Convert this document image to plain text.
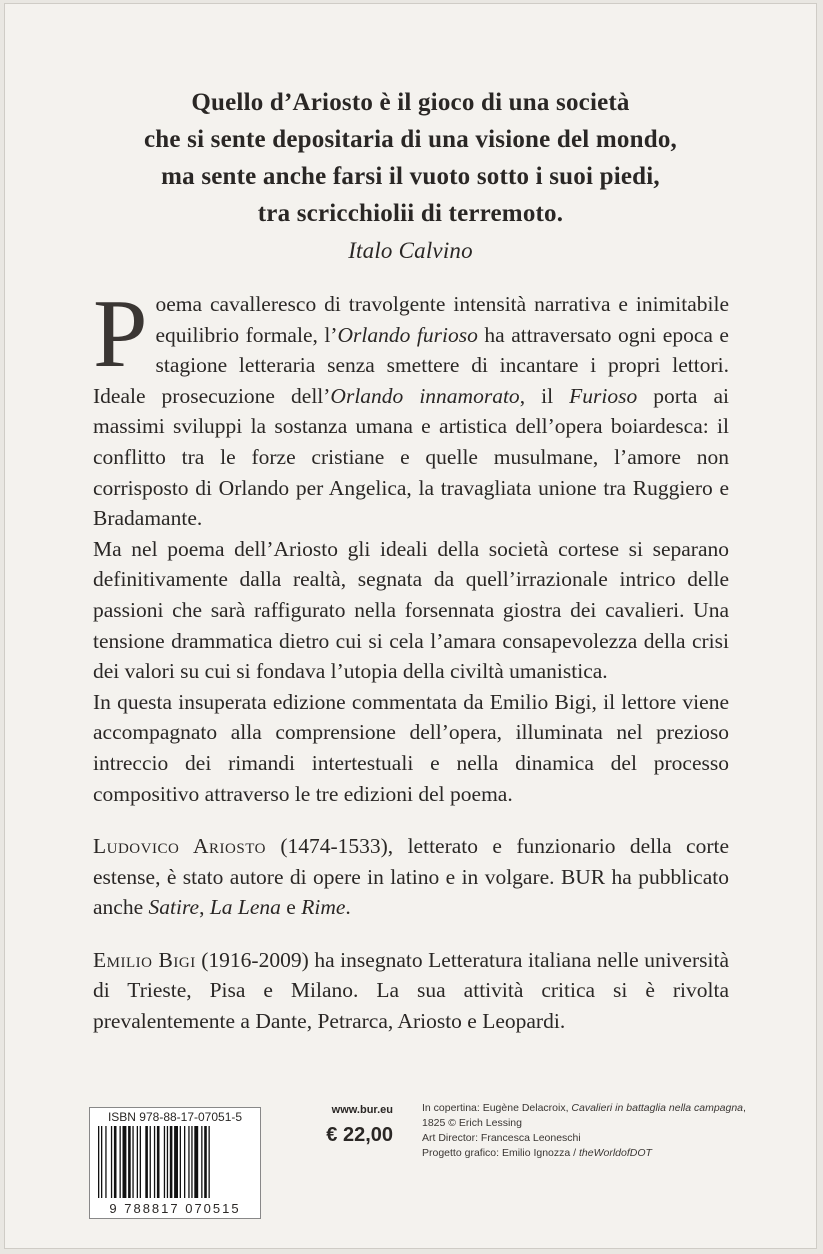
Quello d’Ariosto è il gioco di una società
che si sente depositaria di una visione del mondo,
ma sente anche farsi il vuoto sotto i suoi piedi,
tra scricchiolii di terremoto.
Italo Calvino

Poema cavalleresco di travolgente intensità narrativa e inimitabile equilibrio formale, l’Orlando furioso ha attraversato ogni epoca e stagione letteraria senza smettere di incantare i propri lettori. Ideale prosecuzione dell’Orlando innamorato, il Furioso porta ai massimi sviluppi la sostanza umana e artistica dell’opera boiardesca: il conflitto tra le forze cristiane e quelle musulmane, l’amore non corrisposto di Orlando per Angelica, la travagliata unione tra Ruggiero e Bradamante.

Ma nel poema dell’Ariosto gli ideali della società cortese si separano definitivamente dalla realtà, segnata da quell’irrazionale intrico delle passioni che sarà raffigurato nella forsennata giostra dei cavalieri. Una tensione drammatica dietro cui si cela l’amara consapevolezza della crisi dei valori su cui si fondava l’utopia della civiltà umanistica.

In questa insuperata edizione commentata da Emilio Bigi, il lettore viene accompagnato alla comprensione dell’opera, illuminata nel prezioso intreccio dei rimandi intertestuali e nella dinamica del processo compositivo attraverso le tre edizioni del poema.

Ludovico Ariosto (1474-1533), letterato e funzionario della corte estense, è stato autore di opere in latino e in volgare. BUR ha pubblicato anche Satire, La Lena e Rime.

Emilio Bigi (1916-2009) ha insegnato Letteratura italiana nelle università di Trieste, Pisa e Milano. La sua attività critica si è rivolta prevalentemente a Dante, Petrarca, Ariosto e Leopardi.

ISBN 978-88-17-07051-5
9 788817 070515
www.bur.eu
€ 22,00
In copertina: Eugène Delacroix, Cavalieri in battaglia nella campagna, 1825 © Erich Lessing
Art Director: Francesca Leoneschi
Progetto grafico: Emilio Ignozza / theWorldofDOT
